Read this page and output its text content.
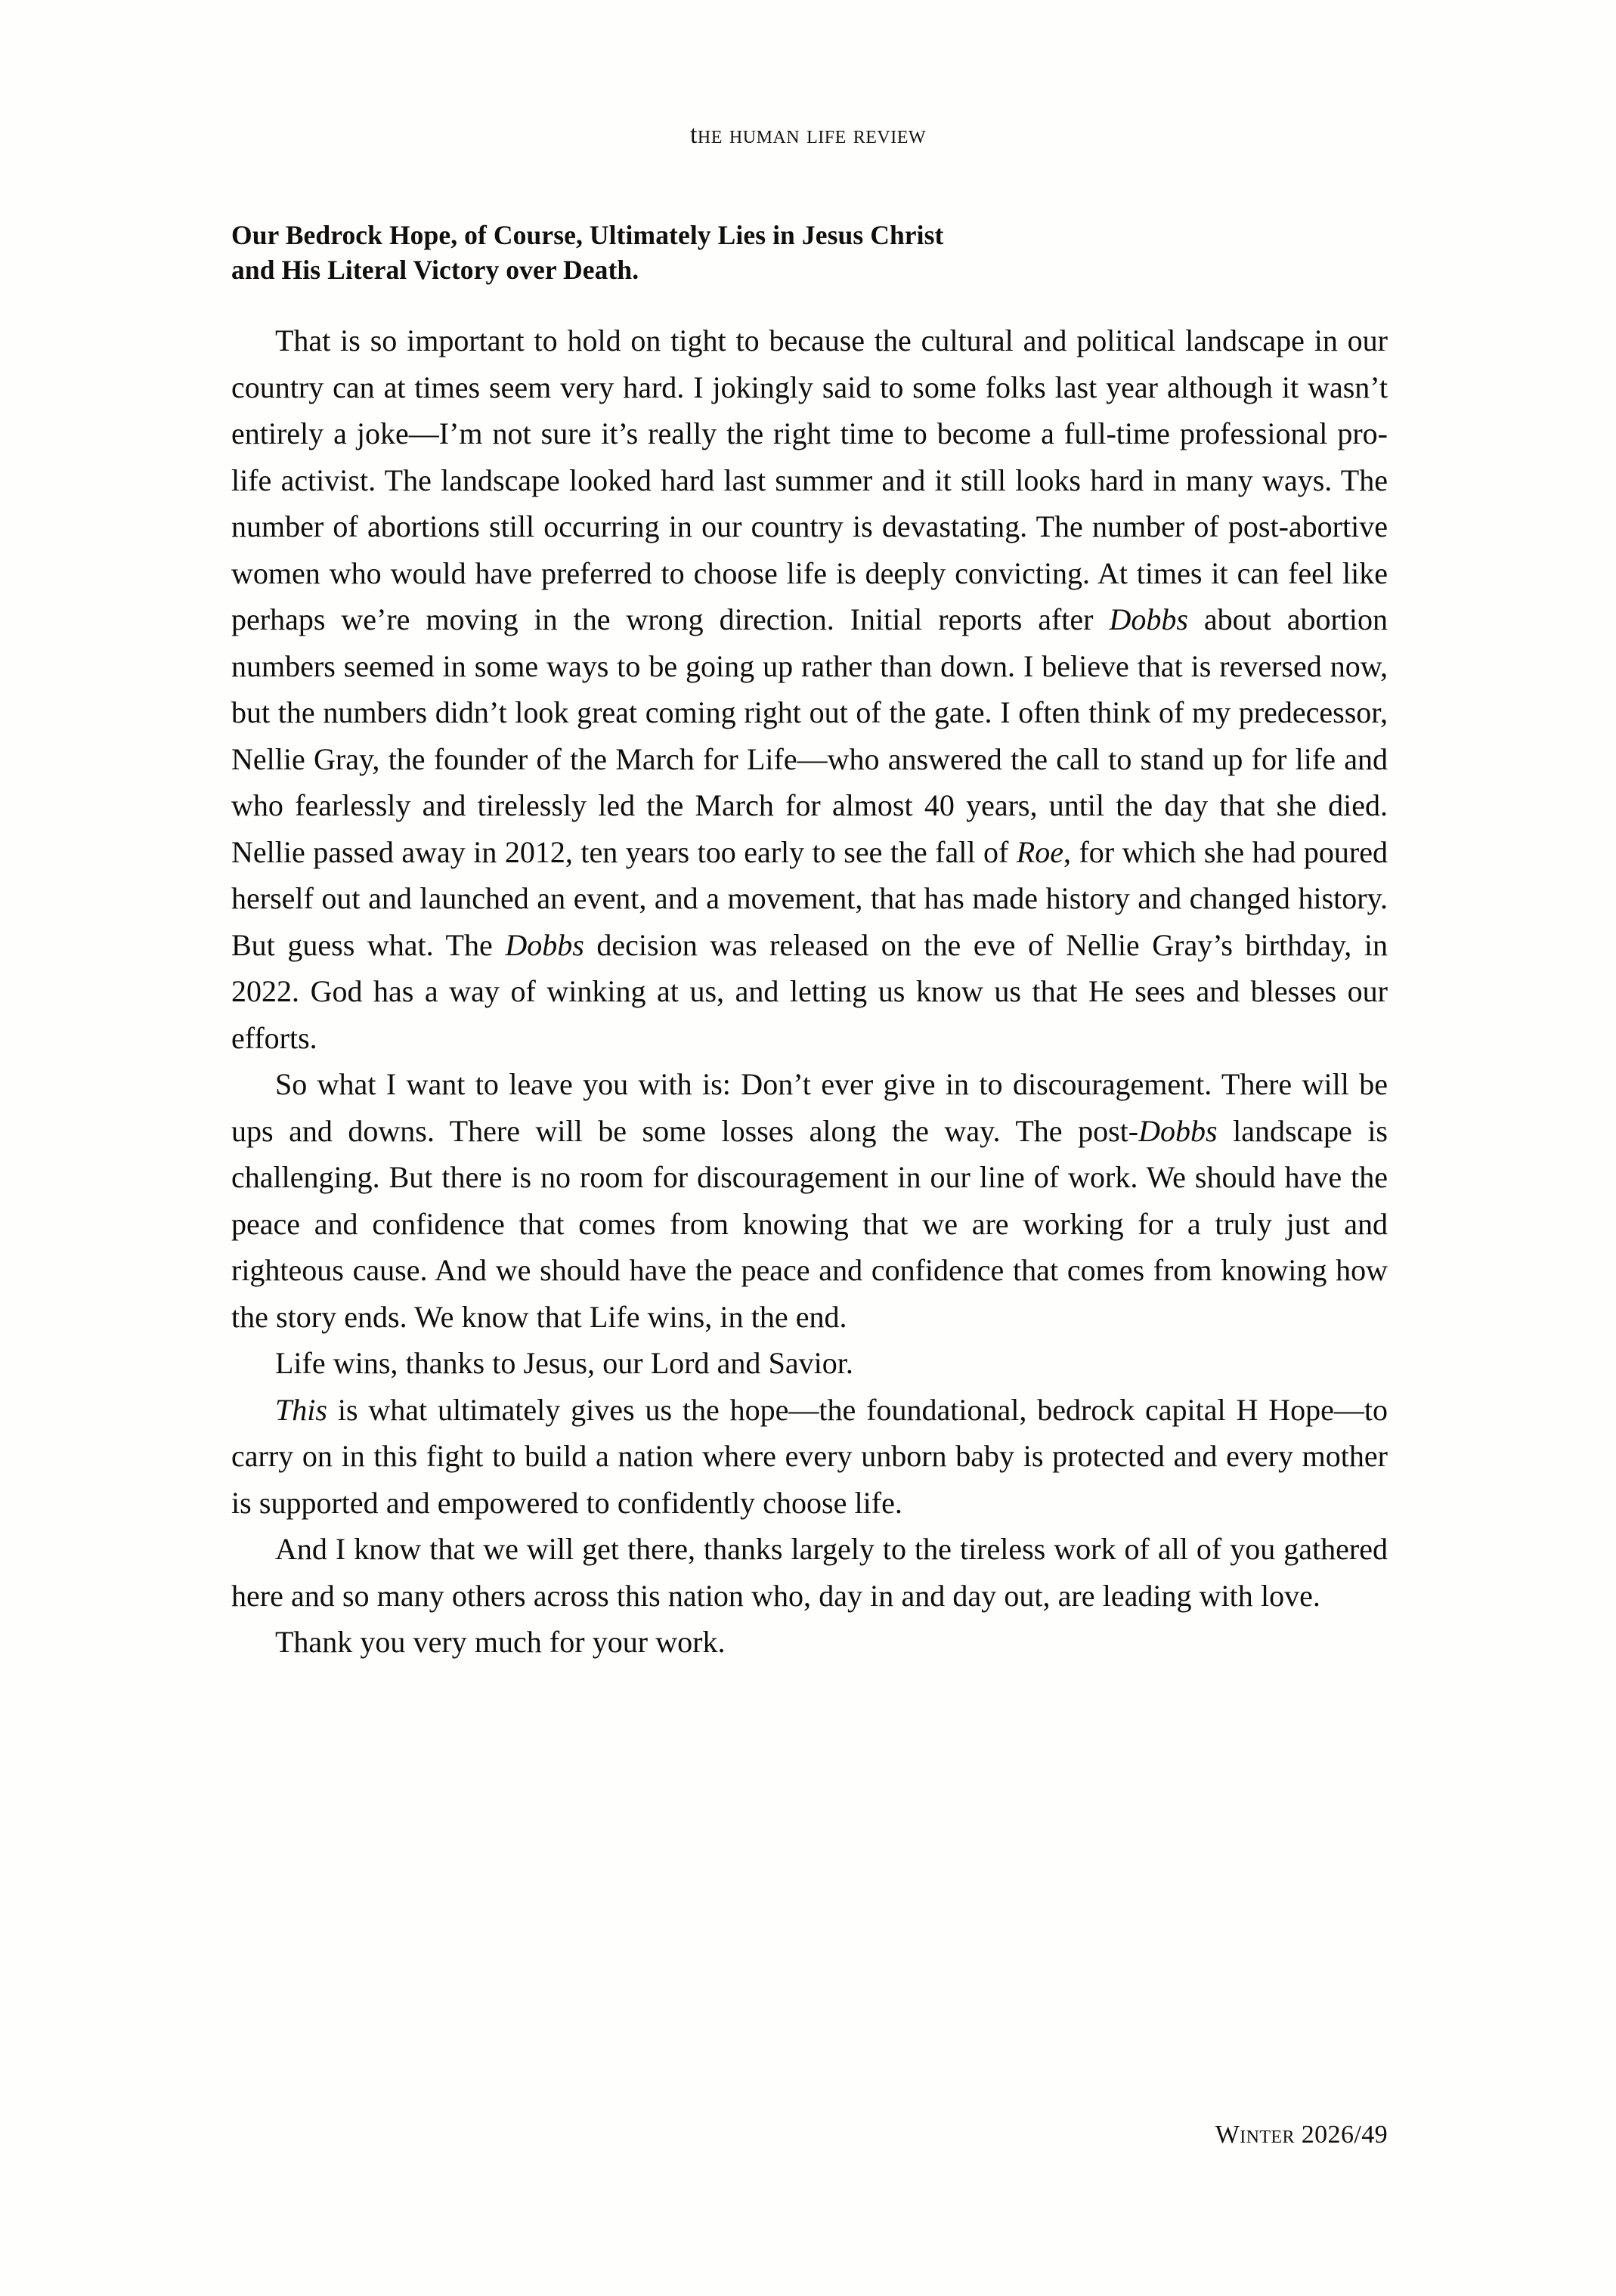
the human life review
Our Bedrock Hope, of Course, Ultimately Lies in Jesus Christ
and His Literal Victory over Death.

That is so important to hold on tight to because the cultural and political landscape in our country can at times seem very hard. I jokingly said to some folks last year although it wasn’t entirely a joke—I’m not sure it’s really the right time to become a full-time professional pro-life activist. The landscape looked hard last summer and it still looks hard in many ways. The number of abortions still occurring in our country is devastating. The number of post-abortive women who would have preferred to choose life is deeply convicting. At times it can feel like perhaps we’re moving in the wrong direction. Initial reports after Dobbs about abortion numbers seemed in some ways to be going up rather than down. I believe that is reversed now, but the numbers didn’t look great coming right out of the gate. I often think of my predecessor, Nellie Gray, the founder of the March for Life—who answered the call to stand up for life and who fearlessly and tirelessly led the March for almost 40 years, until the day that she died. Nellie passed away in 2012, ten years too early to see the fall of Roe, for which she had poured herself out and launched an event, and a movement, that has made history and changed history. But guess what. The Dobbs decision was released on the eve of Nellie Gray’s birthday, in 2022. God has a way of winking at us, and letting us know us that He sees and blesses our efforts.

So what I want to leave you with is: Don’t ever give in to discouragement. There will be ups and downs. There will be some losses along the way. The post-Dobbs landscape is challenging. But there is no room for discouragement in our line of work. We should have the peace and confidence that comes from knowing that we are working for a truly just and righteous cause. And we should have the peace and confidence that comes from knowing how the story ends. We know that Life wins, in the end.

Life wins, thanks to Jesus, our Lord and Savior.

This is what ultimately gives us the hope—the foundational, bedrock capital H Hope—to carry on in this fight to build a nation where every unborn baby is protected and every mother is supported and empowered to confidently choose life.

And I know that we will get there, thanks largely to the tireless work of all of you gathered here and so many others across this nation who, day in and day out, are leading with love.

Thank you very much for your work.

Winter 2026/49
